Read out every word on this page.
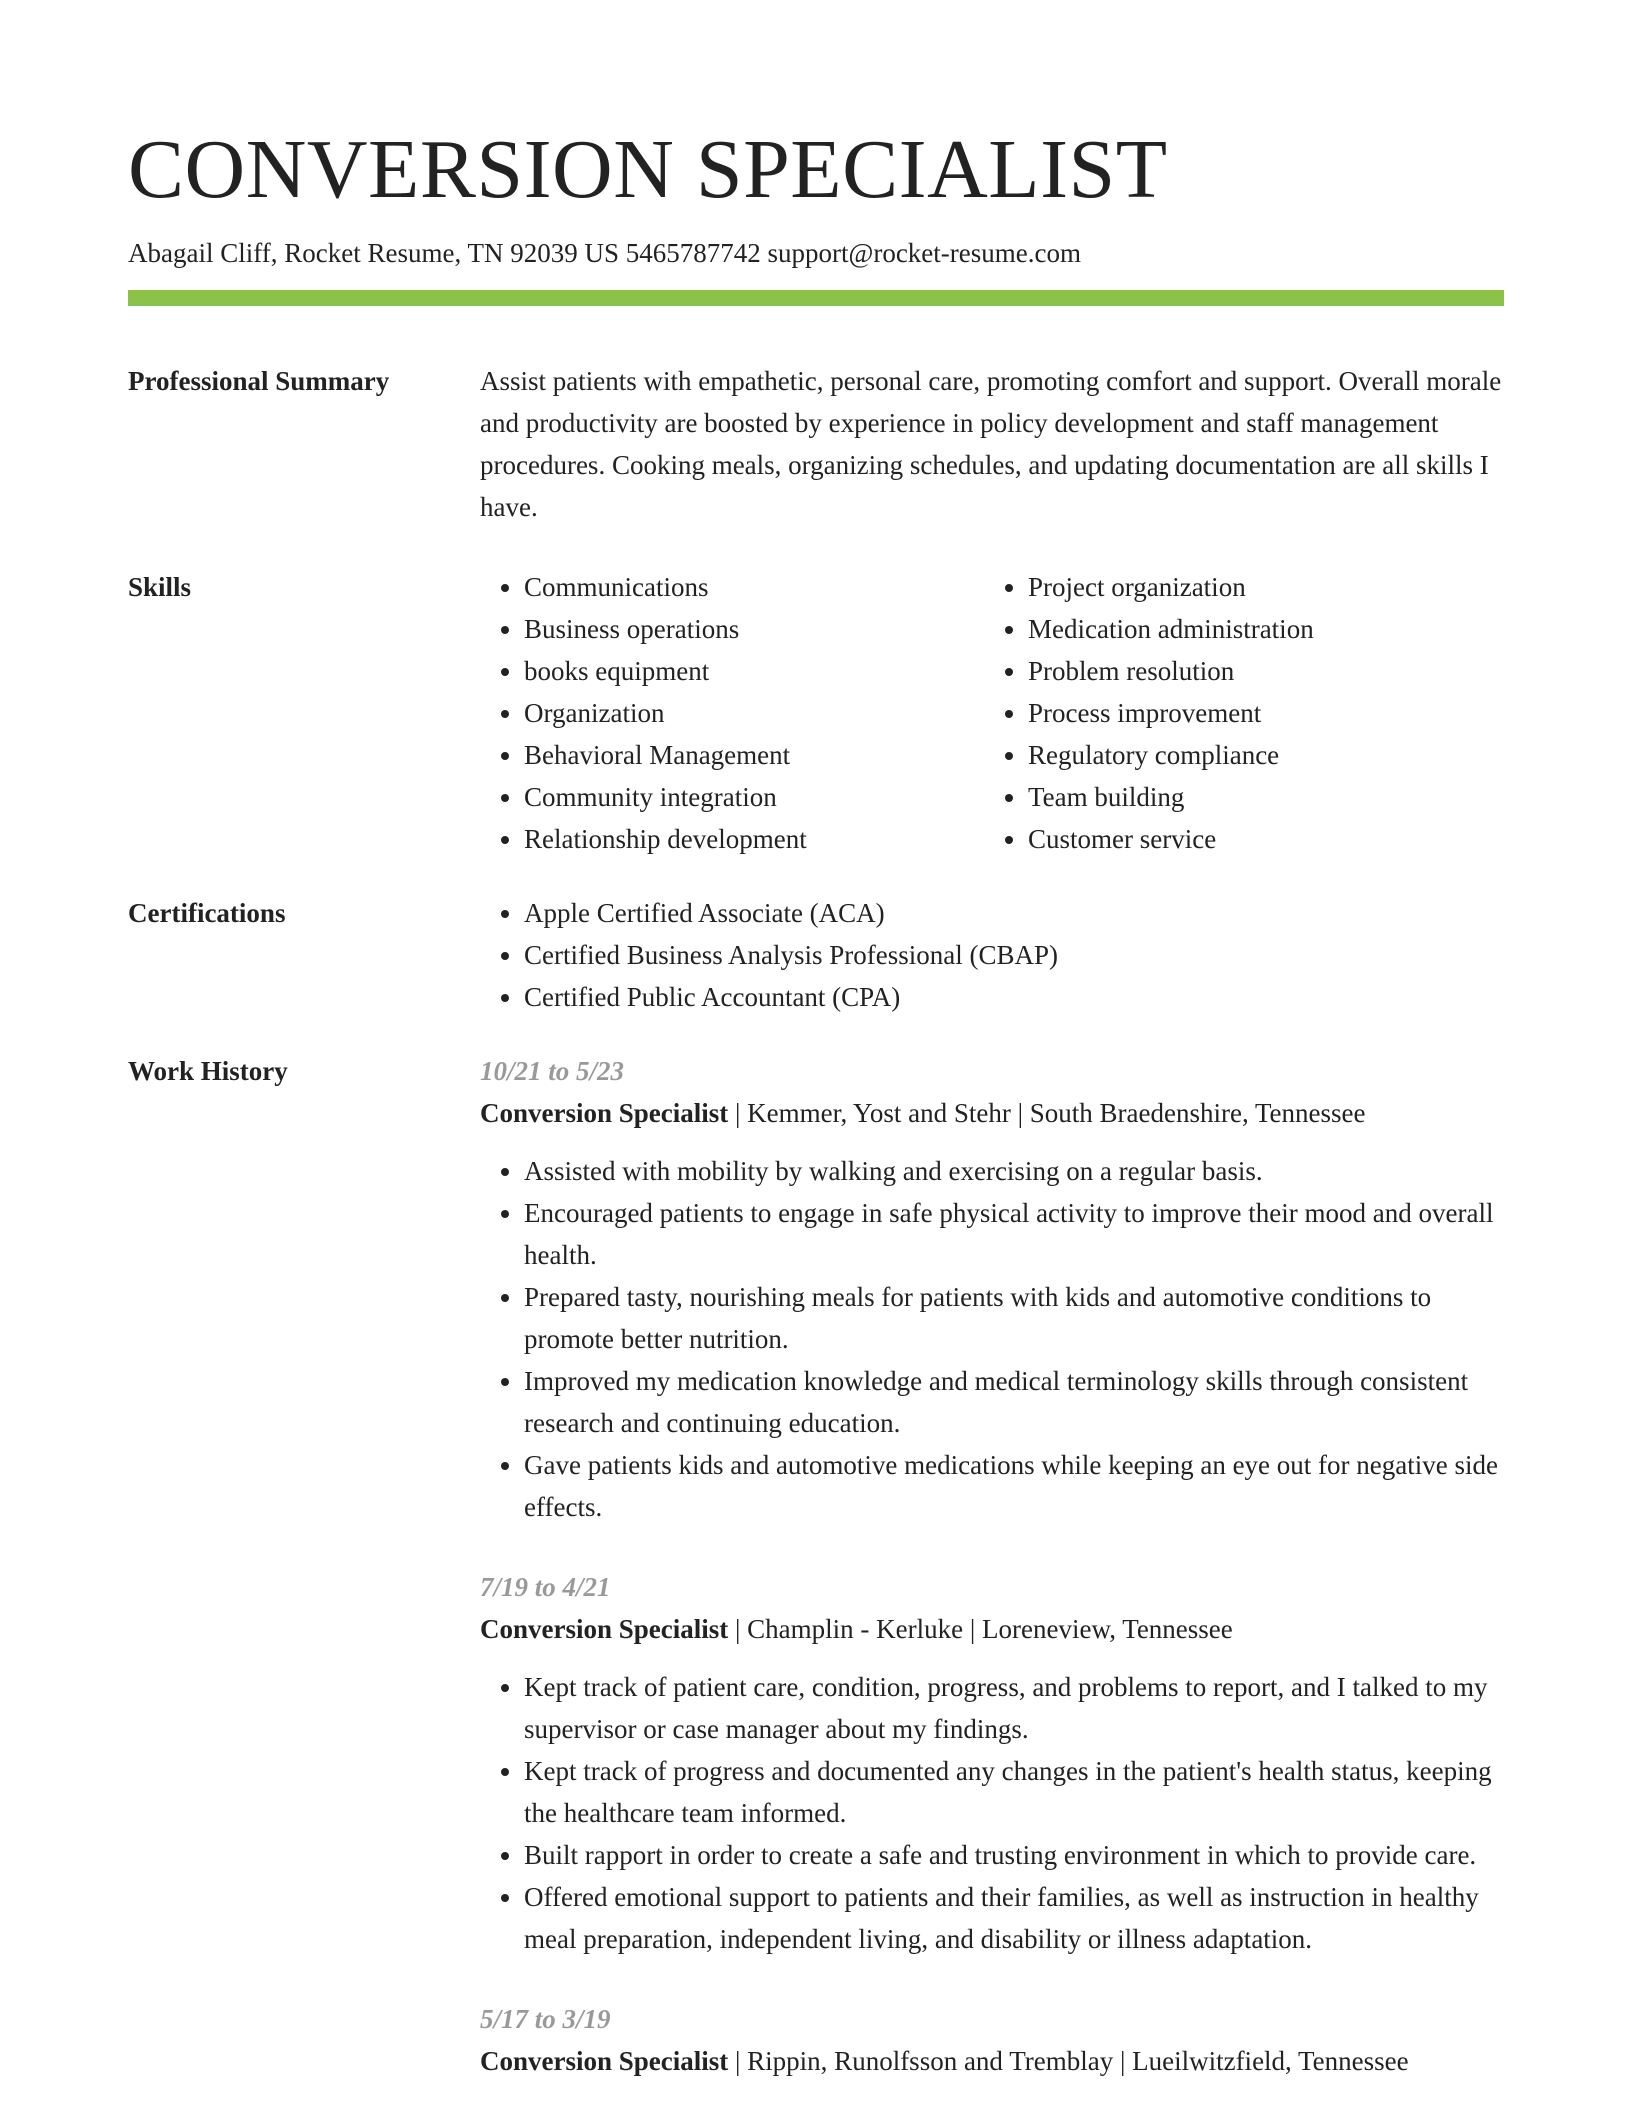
CONVERSION SPECIALIST
Abagail Cliff, Rocket Resume, TN 92039 US 5465787742 support@rocket-resume.com
Professional Summary	Assist patients with empathetic, personal care, promoting comfort and support. Overall morale and productivity are boosted by experience in policy development and staff management procedures. Cooking meals, organizing schedules, and updating documentation are all skills I have.

Skills	• Communications
• Business operations
• books equipment
• Organization
• Behavioral Management
• Community integration
• Relationship development
• Project organization
• Medication administration
• Problem resolution
• Process improvement
• Regulatory compliance
• Team building
• Customer service
Certifications	• Apple Certified Associate (ACA)
• Certified Business Analysis Professional (CBAP)
• Certified Public Accountant (CPA)
Work History	10/21 to 5/23
Conversion Specialist | Kemmer, Yost and Stehr | South Braedenshire, Tennessee
• Assisted with mobility by walking and exercising on a regular basis.
• Encouraged patients to engage in safe physical activity to improve their mood and overall health.
• Prepared tasty, nourishing meals for patients with kids and automotive conditions to promote better nutrition.
• Improved my medication knowledge and medical terminology skills through consistent research and continuing education.
• Gave patients kids and automotive medications while keeping an eye out for negative side effects.
7/19 to 4/21
Conversion Specialist | Champlin - Kerluke | Loreneview, Tennessee
• Kept track of patient care, condition, progress, and problems to report, and I talked to my supervisor or case manager about my findings.
• Kept track of progress and documented any changes in the patient's health status, keeping the healthcare team informed.
• Built rapport in order to create a safe and trusting environment in which to provide care.
• Offered emotional support to patients and their families, as well as instruction in healthy meal preparation, independent living, and disability or illness adaptation.
5/17 to 3/19
Conversion Specialist | Rippin, Runolfsson and Tremblay | Lueilwitzfield, Tennessee
